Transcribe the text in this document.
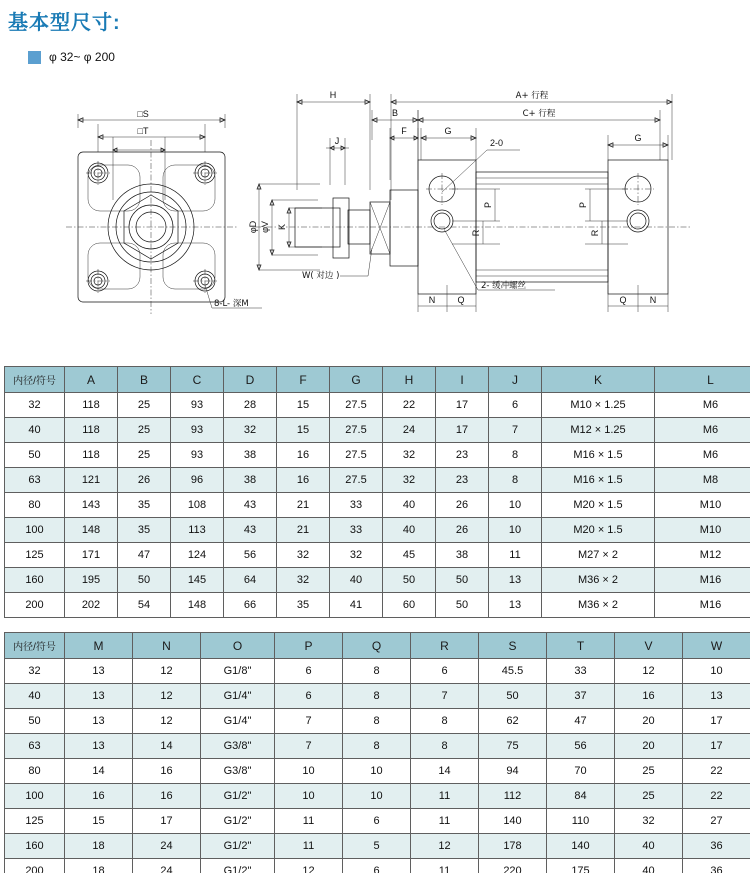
基本型尺寸:
φ 32~ φ 200
□S
□T
8-L- 深M
A+ 行程
C+ 行程
H
B
F	G
G
J
φD φV K
W( 对边 )
2-0
2- 缓冲螺丝
P
R
P
R
N Q	Q	N
内径/符号	A	B	C	D	F	G	H	I	J	K	L
32	118	25	93	28	15	27.5	22	17	6	M10 × 1.25	M6
40	118	25	93	32	15	27.5	24	17	7	M12 × 1.25	M6
50	118	25	93	38	16	27.5	32	23	8	M16 × 1.5	M6
63	121	26	96	38	16	27.5	32	23	8	M16 × 1.5	M8
80	143	35	108	43	21	33	40	26	10	M20 × 1.5	M10
100	148	35	113	43	21	33	40	26	10	M20 × 1.5	M10
125	171	47	124	56	32	32	45	38	11	M27 × 2	M12
160	195	50	145	64	32	40	50	50	13	M36 × 2	M16
200	202	54	148	66	35	41	60	50	13	M36 × 2	M16
内径/符号	M	N	O	P	Q	R	S	T	V	W
32	13	12	G1/8"	6	8	6	45.5	33	12	10
40	13	12	G1/4"	6	8	7	50	37	16	13
50	13	12	G1/4"	7	8	8	62	47	20	17
63	13	14	G3/8"	7	8	8	75	56	20	17
80	14	16	G3/8"	10	10	14	94	70	25	22
100	16	16	G1/2"	10	10	11	112	84	25	22
125	15	17	G1/2"	11	6	11	140	110	32	27
160	18	24	G1/2"	11	5	12	178	140	40	36
200	18	24	G1/2"	12	6	11	220	175	40	36
